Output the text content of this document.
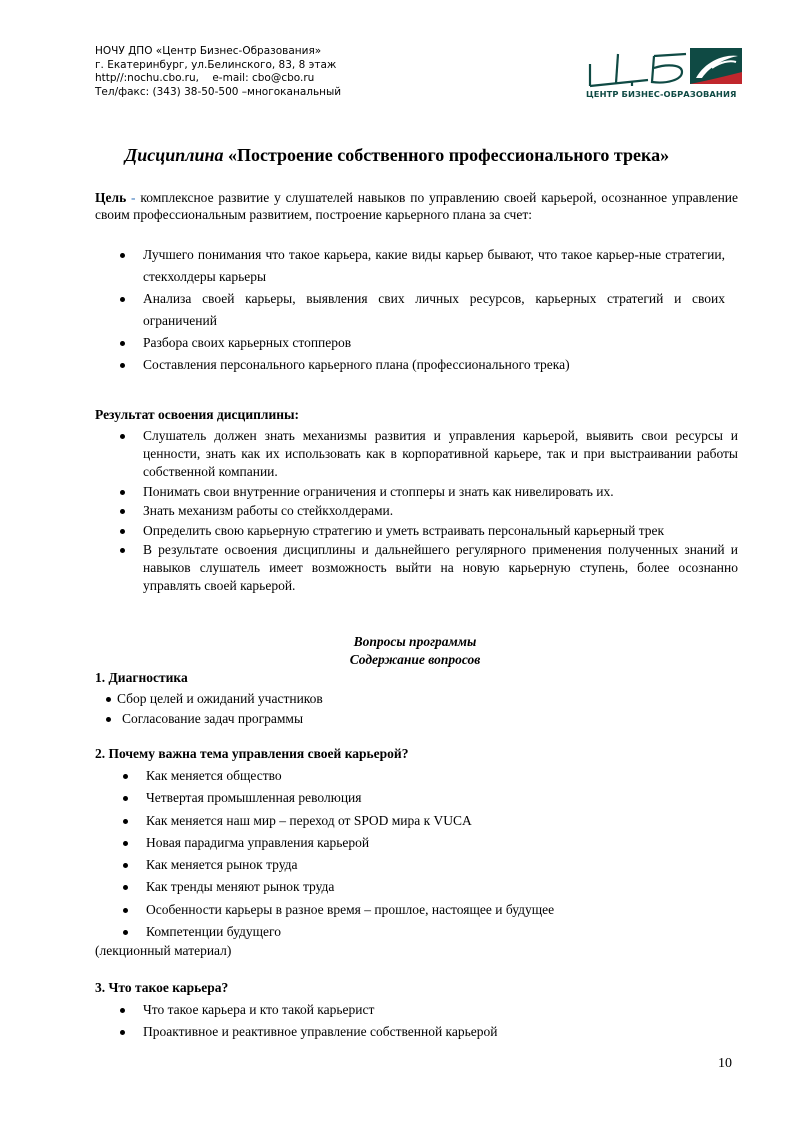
НОЧУ ДПО «Центр Бизнес-Образования»
г. Екатеринбург, ул.Белинского, 83, 8 этаж
http//:nochu.cbo.ru,    e-mail: cbo@cbo.ru
Тел/факс: (343) 38-50-500 –многоканальный	ЦЕНТР БИЗНЕС-ОБРАЗОВАНИЯ
Дисциплина «Построение собственного профессионального трека»
Цель - комплексное развитие у слушателей навыков по управлению своей карьерой, осознанное управление своим профессиональным развитием, построение карьерного плана за счет:
Лучшего понимания что такое карьера, какие виды карьер бывают, что такое карьер-ные стратегии, стекхолдеры карьеры
Анализа своей карьеры, выявления свих личных ресурсов, карьерных стратегий и своих ограничений
Разбора своих карьерных стопперов
Составления персонального карьерного плана (профессионального трека)
Результат освоения дисциплины:
Слушатель должен знать механизмы развития и управления карьерой, выявить свои ресурсы и ценности, знать как их использовать как в корпоративной карьере, так и при выстраивании работы собственной компании.
Понимать свои внутренние ограничения и стопперы и знать как нивелировать их.
Знать механизм работы со стейкхолдерами.
Определить свою карьерную стратегию и уметь встраивать персональный карьерный трек
В результате освоения дисциплины и дальнейшего регулярного применения полученных знаний и навыков слушатель имеет возможность выйти на новую карьерную ступень, более осознанно управлять своей карьерой.
Вопросы программы
Содержание вопросов
1. Диагностика
Сбор целей и ожиданий участников
Согласование задач программы
2. Почему важна тема управления своей карьерой?
Как меняется общество
Четвертая промышленная революция
Как меняется наш мир – переход от SPOD мира к VUCA
Новая парадигма управления карьерой
Как меняется рынок труда
Как тренды меняют рынок труда
Особенности карьеры в разное время – прошлое, настоящее и будущее
Компетенции будущего
(лекционный материал)
3. Что такое карьера?
Что такое карьера и кто такой карьерист
Проактивное и реактивное управление собственной карьерой
10
